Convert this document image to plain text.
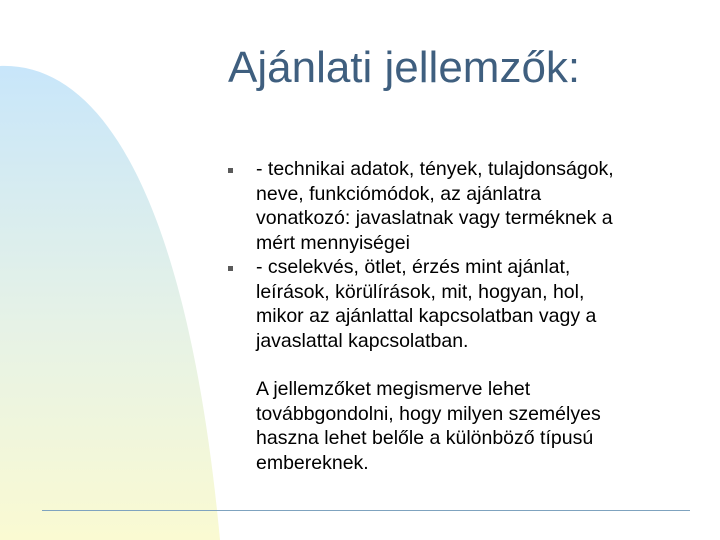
Ajánlati jellemzők:
- technikai adatok, tények, tulajdonságok,
neve, funkciómódok, az ajánlatra
vonatkozó: javaslatnak vagy terméknek a
mért mennyiségei
- cselekvés, ötlet, érzés mint ajánlat,
leírások, körülírások, mit, hogyan, hol,
mikor az ajánlattal kapcsolatban vagy a
javaslattal kapcsolatban.
A jellemzőket megismerve lehet
továbbgondolni, hogy milyen személyes
haszna lehet belőle a különböző típusú
embereknek.
